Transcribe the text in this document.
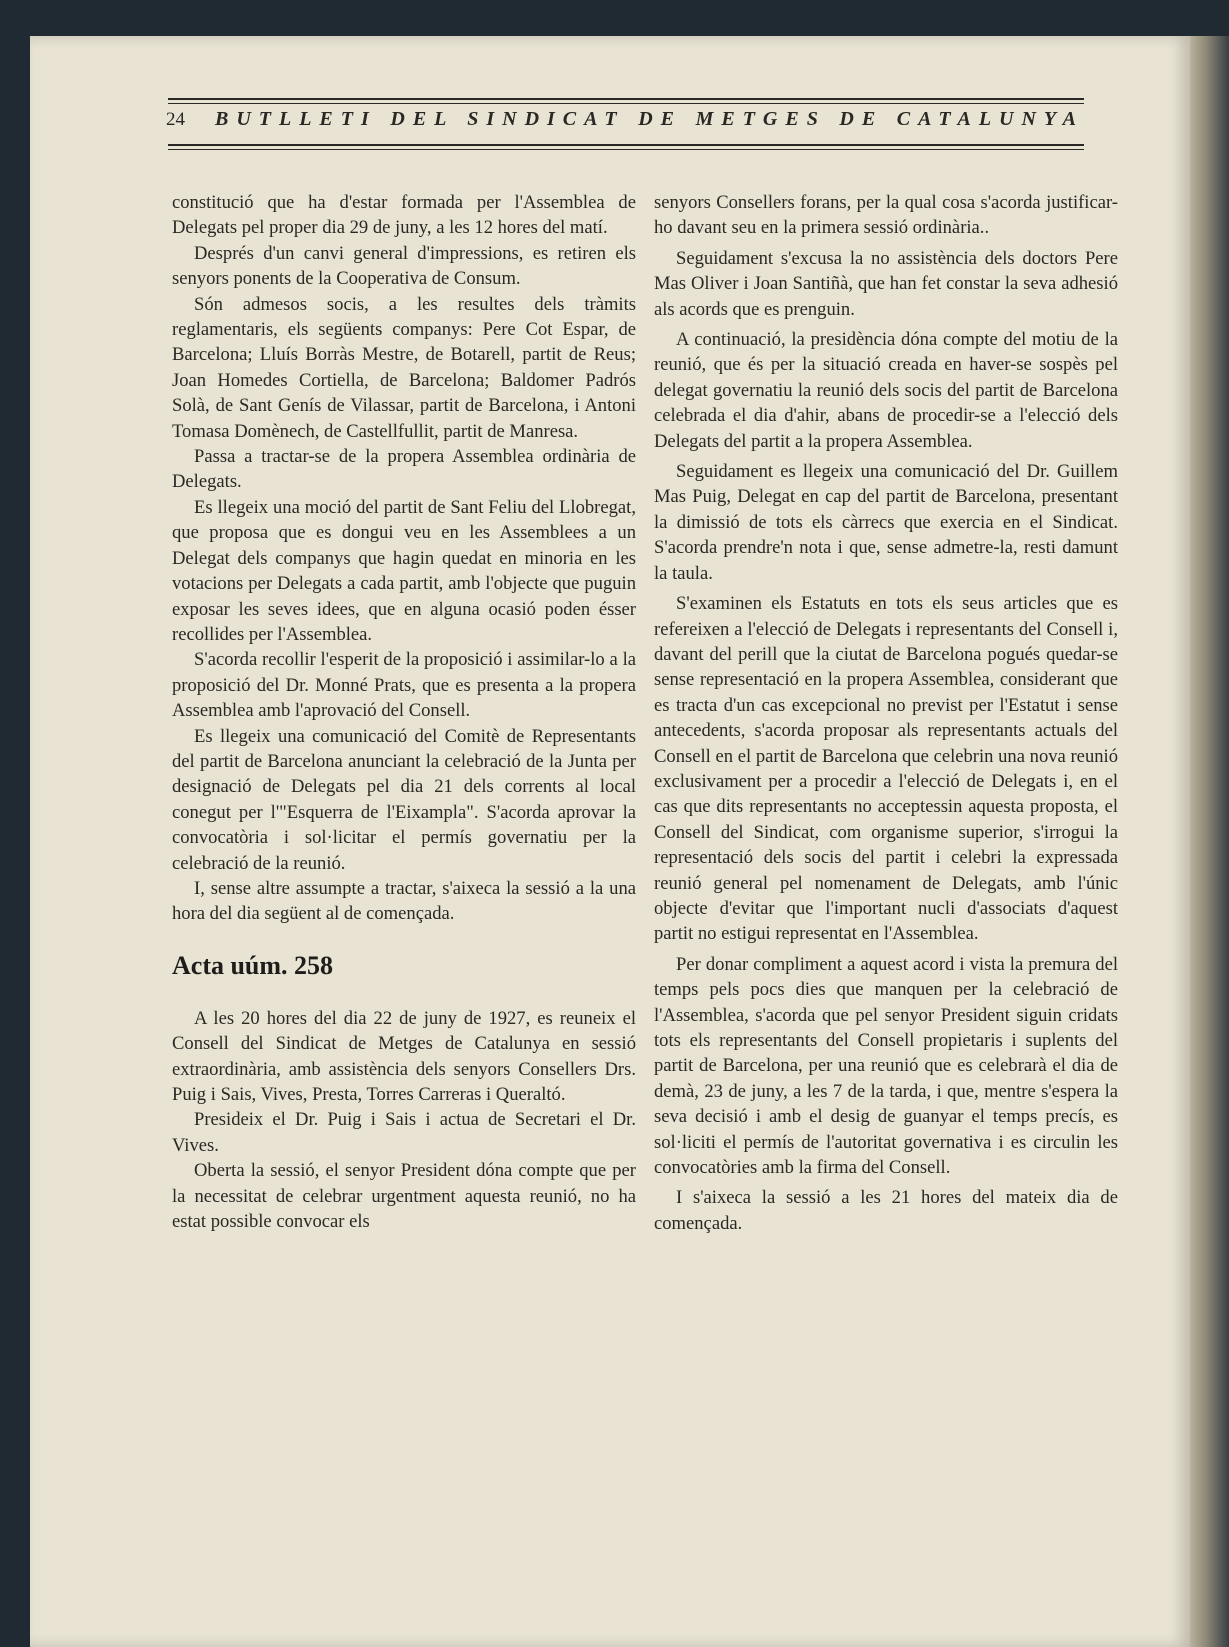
24 BUTLLETI DEL SINDICAT DE METGES DE CATALUNYA

constitució que ha d'estar formada per l'Assemblea de Delegats pel proper dia 29 de juny, a les 12 hores del matí.

Després d'un canvi general d'impressions, es retiren els senyors ponents de la Cooperativa de Consum.

Són admesos socis, a les resultes dels tràmits reglamentaris, els següents companys: Pere Cot Espar, de Barcelona; Lluís Borràs Mestre, de Botarell, partit de Reus; Joan Homedes Cortiella, de Barcelona; Baldomer Padrós Solà, de Sant Genís de Vilassar, partit de Barcelona, i Antoni Tomasa Domènech, de Castellfullit, partit de Manresa.

Passa a tractar-se de la propera Assemblea ordinària de Delegats.

Es llegeix una moció del partit de Sant Feliu del Llobregat, que proposa que es dongui veu en les Assemblees a un Delegat dels companys que hagin quedat en minoria en les votacions per Delegats a cada partit, amb l'objecte que puguin exposar les seves idees, que en alguna ocasió poden ésser recollides per l'Assemblea.

S'acorda recollir l'esperit de la proposició i assimilar-lo a la proposició del Dr. Monné Prats, que es presenta a la propera Assemblea amb l'aprovació del Consell.

Es llegeix una comunicació del Comitè de Representants del partit de Barcelona anunciant la celebració de la Junta per designació de Delegats pel dia 21 dels corrents al local conegut per l'"Esquerra de l'Eixampla". S'acorda aprovar la convocatòria i sol·licitar el permís governatiu per la celebració de la reunió.

I, sense altre assumpte a tractar, s'aixeca la sessió a la una hora del dia següent al de començada.

Acta uúm. 258

A les 20 hores del dia 22 de juny de 1927, es reuneix el Consell del Sindicat de Metges de Catalunya en sessió extraordinària, amb assistència dels senyors Consellers Drs. Puig i Sais, Vives, Presta, Torres Carreras i Queraltó.

Presideix el Dr. Puig i Sais i actua de Secretari el Dr. Vives.

Oberta la sessió, el senyor President dóna compte que per la necessitat de celebrar urgentment aquesta reunió, no ha estat possible convocar els

senyors Consellers forans, per la qual cosa s'acorda justificar-ho davant seu en la primera sessió ordinària..

Seguidament s'excusa la no assistència dels doctors Pere Mas Oliver i Joan Santiñà, que han fet constar la seva adhesió als acords que es prenguin.

A continuació, la presidència dóna compte del motiu de la reunió, que és per la situació creada en haver-se sospès pel delegat governatiu la reunió dels socis del partit de Barcelona celebrada el dia d'ahir, abans de procedir-se a l'elecció dels Delegats del partit a la propera Assemblea.

Seguidament es llegeix una comunicació del Dr. Guillem Mas Puig, Delegat en cap del partit de Barcelona, presentant la dimissió de tots els càrrecs que exercia en el Sindicat. S'acorda prendre'n nota i que, sense admetre-la, resti damunt la taula.

S'examinen els Estatuts en tots els seus articles que es refereixen a l'elecció de Delegats i representants del Consell i, davant del perill que la ciutat de Barcelona pogués quedar-se sense representació en la propera Assemblea, considerant que es tracta d'un cas excepcional no previst per l'Estatut i sense antecedents, s'acorda proposar als representants actuals del Consell en el partit de Barcelona que celebrin una nova reunió exclusivament per a procedir a l'elecció de Delegats i, en el cas que dits representants no acceptessin aquesta proposta, el Consell del Sindicat, com organisme superior, s'irrogui la representació dels socis del partit i celebri la expressada reunió general pel nomenament de Delegats, amb l'únic objecte d'evitar que l'important nucli d'associats d'aquest partit no estigui representat en l'Assemblea.

Per donar compliment a aquest acord i vista la premura del temps pels pocs dies que manquen per la celebració de l'Assemblea, s'acorda que pel senyor President siguin cridats tots els representants del Consell propietaris i suplents del partit de Barcelona, per una reunió que es celebrarà el dia de demà, 23 de juny, a les 7 de la tarda, i que, mentre s'espera la seva decisió i amb el desig de guanyar el temps precís, es sol·liciti el permís de l'autoritat governativa i es circulin les convocatòries amb la firma del Consell.

I s'aixeca la sessió a les 21 hores del mateix dia de començada.
